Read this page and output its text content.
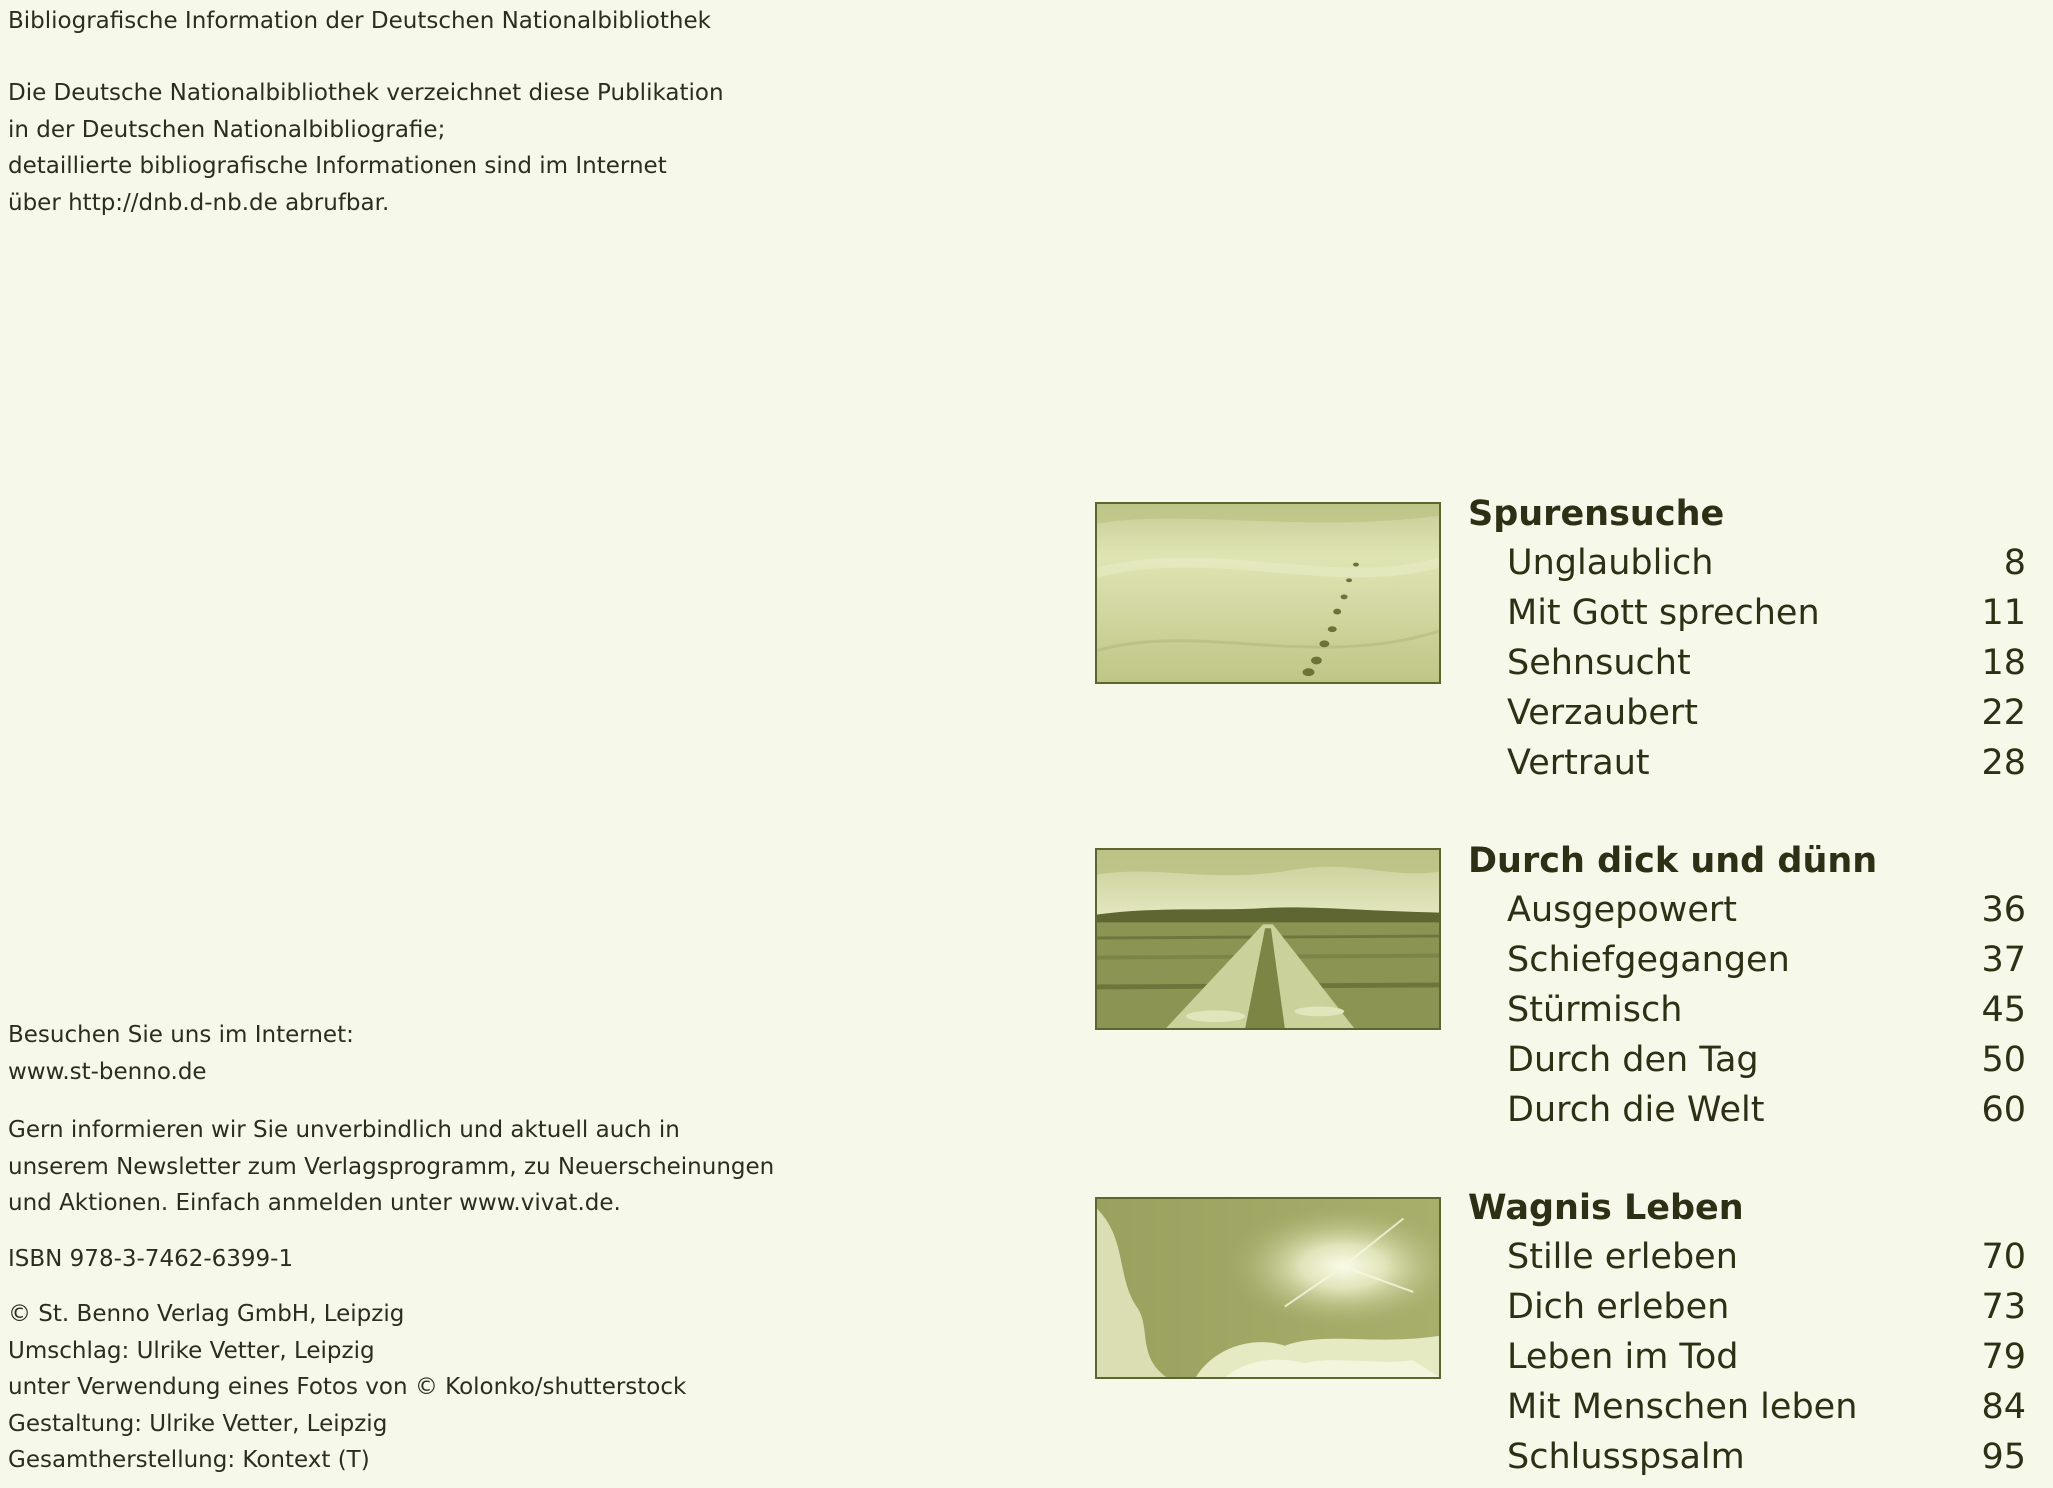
Bibliografische Information der Deutschen Nationalbibliothek

Die Deutsche Nationalbibliothek verzeichnet diese Publikation

in der Deutschen Nationalbibliografie;

detaillierte bibliografische Informationen sind im Internet

über http://dnb.d-nb.de abrufbar.

Besuchen Sie uns im Internet:

www.st-benno.de

Gern informieren wir Sie unverbindlich und aktuell auch in

unserem Newsletter zum Verlagsprogramm, zu Neuerscheinungen

und Aktionen. Einfach anmelden unter www.vivat.de.

ISBN 978-3-7462-6399-1

© St. Benno Verlag GmbH, Leipzig

Umschlag: Ulrike Vetter, Leipzig

unter Verwendung eines Fotos von © Kolonko/shutterstock

Gestaltung: Ulrike Vetter, Leipzig

Gesamtherstellung: Kontext (T)

Spurensuche
Unglaublich	8
Mit Gott sprechen	11
Sehnsucht	18
Verzaubert	22
Vertraut	28
Durch dick und dünn
Ausgepowert	36
Schiefgegangen	37
Stürmisch	45
Durch den Tag	50
Durch die Welt	60
Wagnis Leben
Stille erleben	70
Dich erleben	73
Leben im Tod	79
Mit Menschen leben	84
Schlusspsalm	95
